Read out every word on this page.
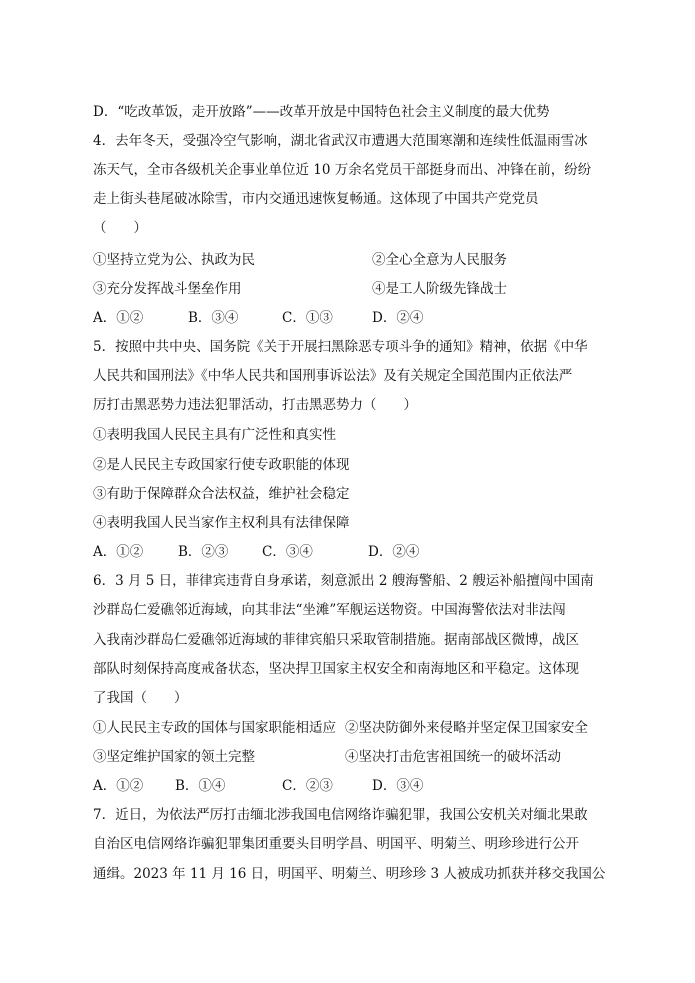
D．“吃改革饭，走开放路”——改革开放是中国特色社会主义制度的最大优势
4．去年冬天，受强冷空气影响，湖北省武汉市遭遇大范围寒潮和连续性低温雨雪冰
冻天气，全市各级机关企事业单位近 10 万余名党员干部挺身而出、冲锋在前，纷纷
走上街头巷尾破冰除雪，市内交通迅速恢复畅通。这体现了中国共产党党员
（　　）
①坚持立党为公、执政为民	②全心全意为人民服务
③充分发挥战斗堡垒作用	④是工人阶级先锋战士
A．①②	B．③④	C．①③	D．②④
5．按照中共中央、国务院《关于开展扫黑除恶专项斗争的通知》精神，依据《中华
人民共和国刑法》《中华人民共和国刑事诉讼法》及有关规定全国范围内正依法严
厉打击黑恶势力违法犯罪活动，打击黑恶势力（　　）
①表明我国人民民主具有广泛性和真实性
②是人民民主专政国家行使专政职能的体现
③有助于保障群众合法权益，维护社会稳定
④表明我国人民当家作主权利具有法律保障
A．①②	B．②③ C．③④	D．②④
6．3 月 5 日，菲律宾违背自身承诺，刻意派出 2 艘海警船、2 艘运补船擅闯中国南
沙群岛仁爱礁邻近海域，向其非法“坐滩”军舰运送物资。中国海警依法对非法闯
入我南沙群岛仁爱礁邻近海域的菲律宾船只采取管制措施。据南部战区微博，战区
部队时刻保持高度戒备状态，坚决捍卫国家主权安全和南海地区和平稳定。这体现
了我国（　　）
①人民民主专政的国体与国家职能相适应 ②坚决防御外来侵略并坚定保卫国家安全
③坚定维护国家的领土完整	④坚决打击危害祖国统一的破坏活动
A．①② B．①④	C．②③	D．③④
7．近日，为依法严厉打击缅北涉我国电信网络诈骗犯罪，我国公安机关对缅北果敢
自治区电信网络诈骗犯罪集团重要头目明学昌、明国平、明菊兰、明珍珍进行公开
通缉。2023 年 11 月 16 日，明国平、明菊兰、明珍珍 3 人被成功抓获并移交我国公
